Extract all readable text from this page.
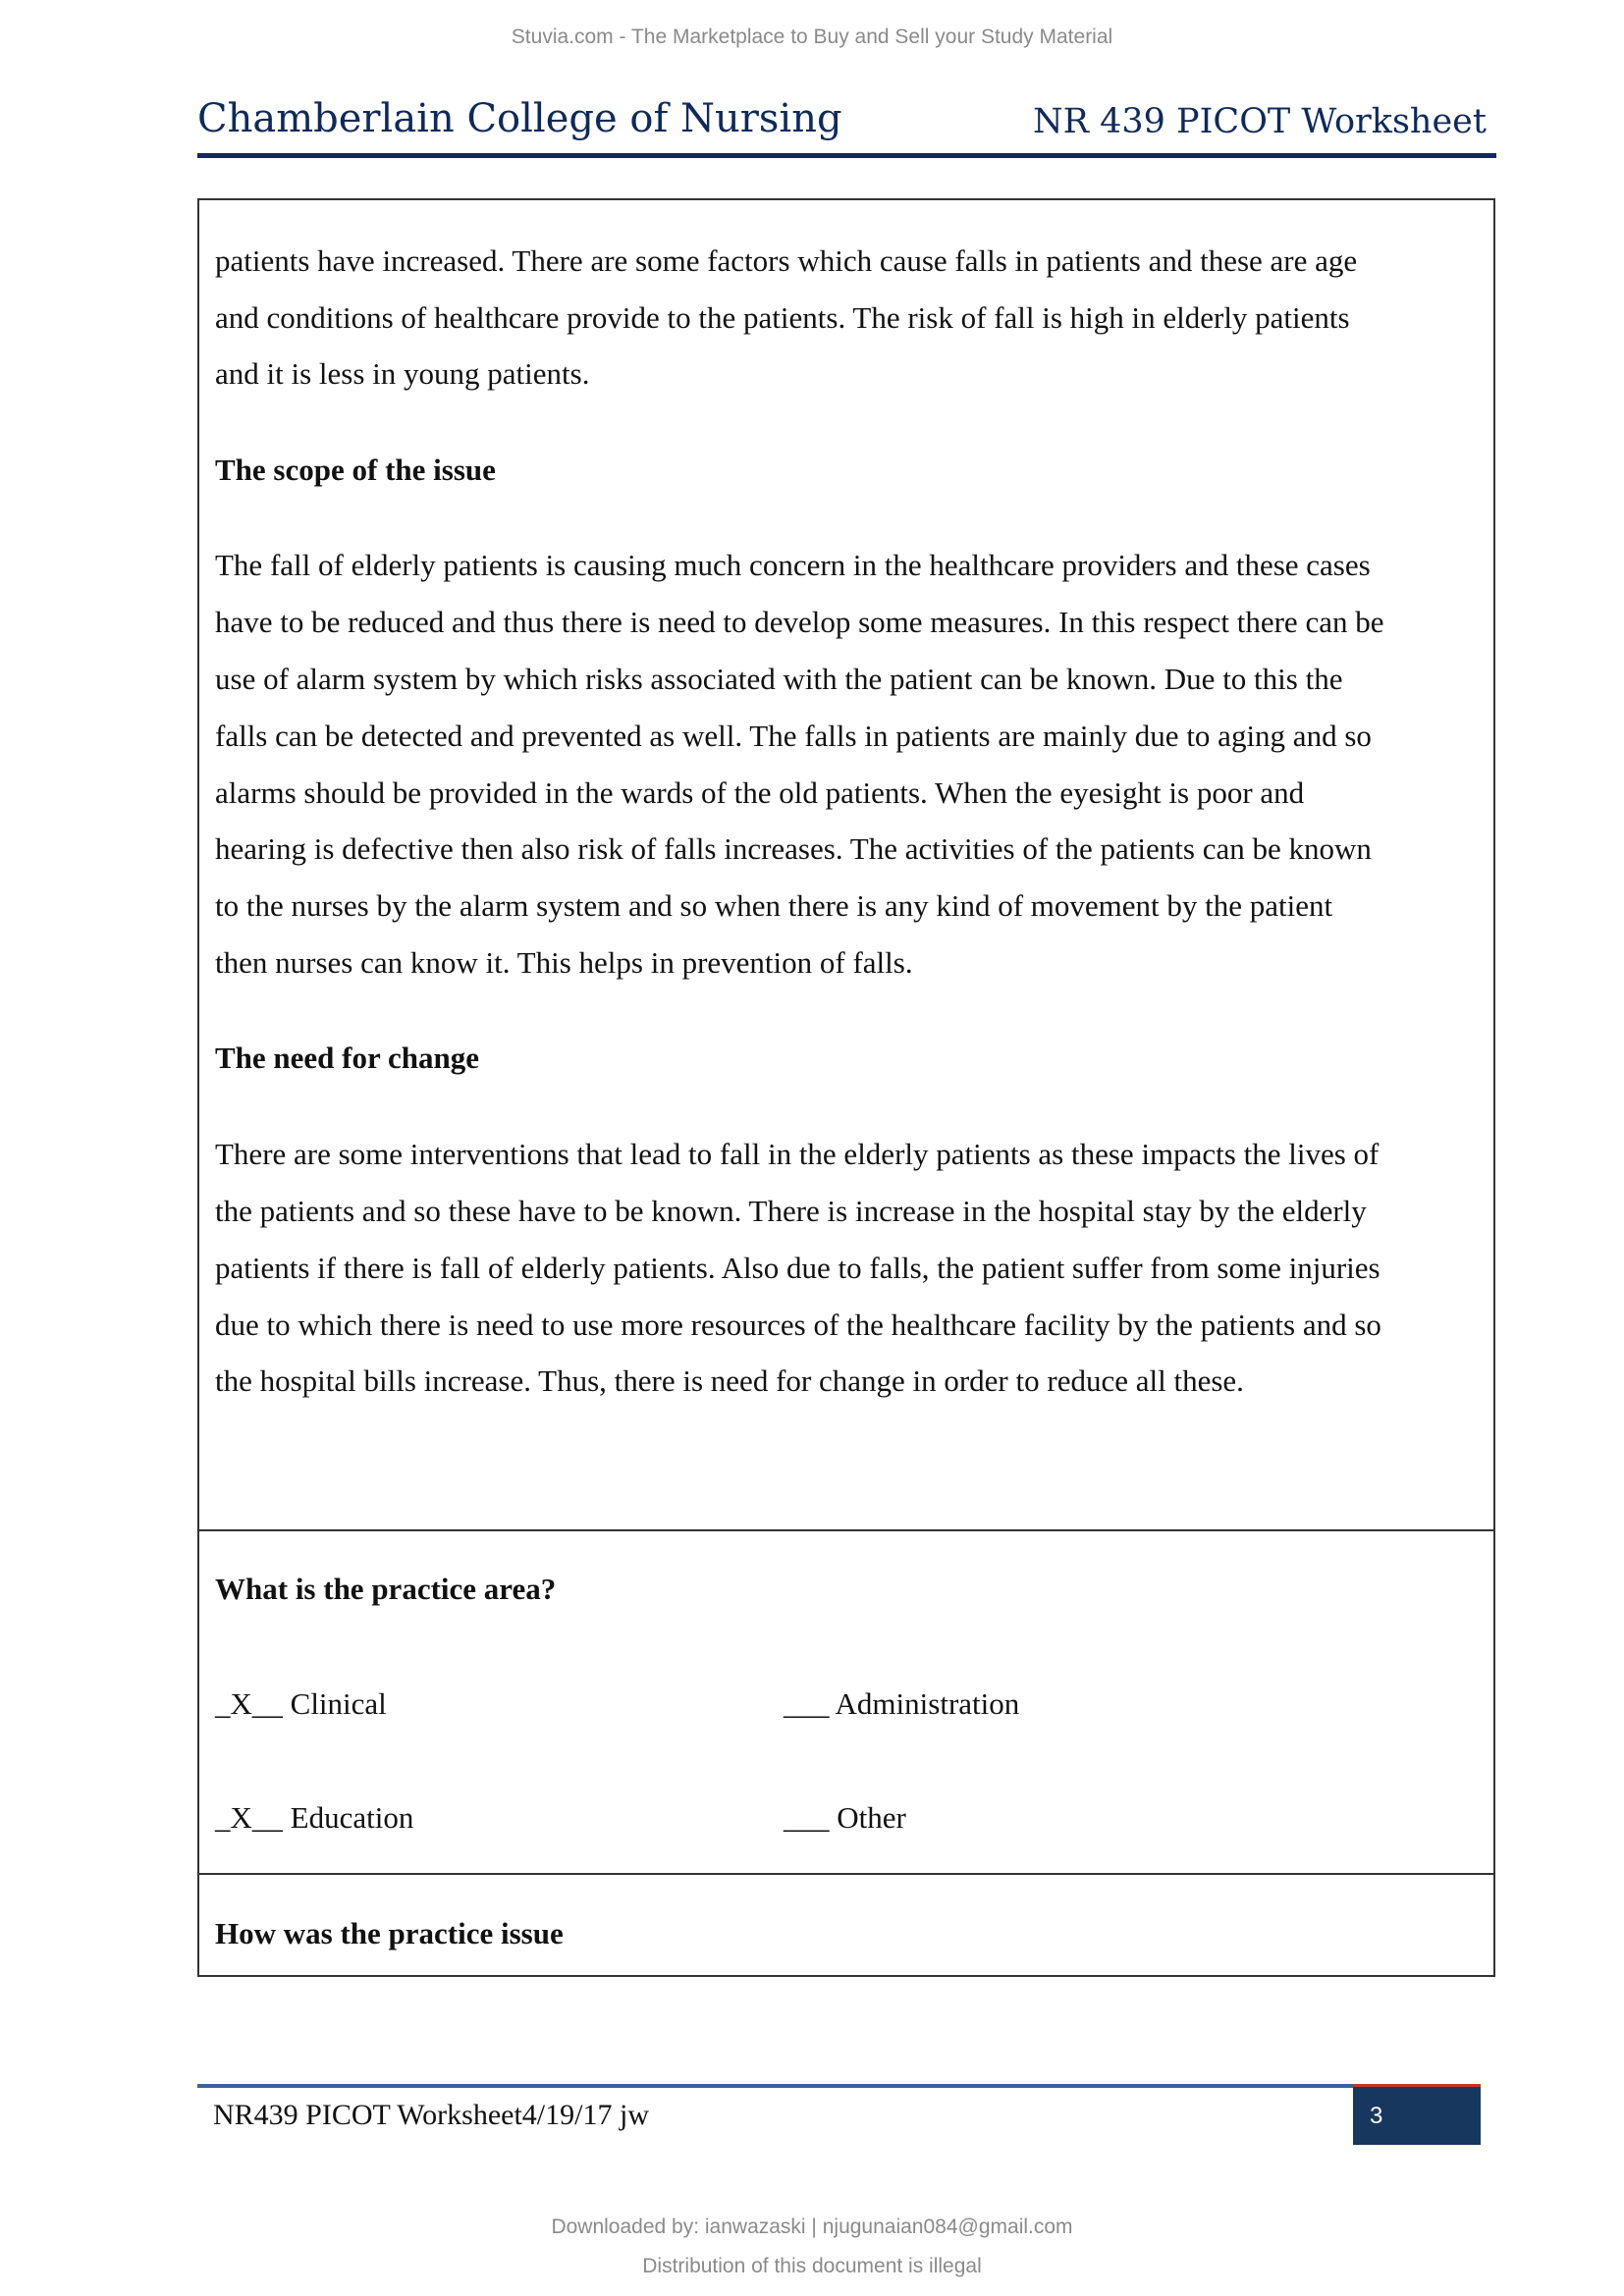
Stuvia.com - The Marketplace to Buy and Sell your Study Material
Chamberlain College of Nursing	NR 439 PICOT Worksheet
patients have increased. There are some factors which cause falls in patients and these are age
and conditions of healthcare provide to the patients. The risk of fall is high in elderly patients
and it is less in young patients.
The scope of the issue
The fall of elderly patients is causing much concern in the healthcare providers and these cases
have to be reduced and thus there is need to develop some measures. In this respect there can be
use of alarm system by which risks associated with the patient can be known. Due to this the
falls can be detected and prevented as well. The falls in patients are mainly due to aging and so
alarms should be provided in the wards of the old patients. When the eyesight is poor and
hearing is defective then also risk of falls increases. The activities of the patients can be known
to the nurses by the alarm system and so when there is any kind of movement by the patient
then nurses can know it. This helps in prevention of falls.
The need for change
There are some interventions that lead to fall in the elderly patients as these impacts the lives of
the patients and so these have to be known. There is increase in the hospital stay by the elderly
patients if there is fall of elderly patients. Also due to falls, the patient suffer from some injuries
due to which there is need to use more resources of the healthcare facility by the patients and so
the hospital bills increase. Thus, there is need for change in order to reduce all these.
What is the practice area?
_X__ Clinical	___ Administration
_X__ Education	___ Other
How was the practice issue
NR439 PICOT Worksheet4/19/17 jw	3
Downloaded by: ianwazaski | njugunaian084@gmail.com
Distribution of this document is illegal
